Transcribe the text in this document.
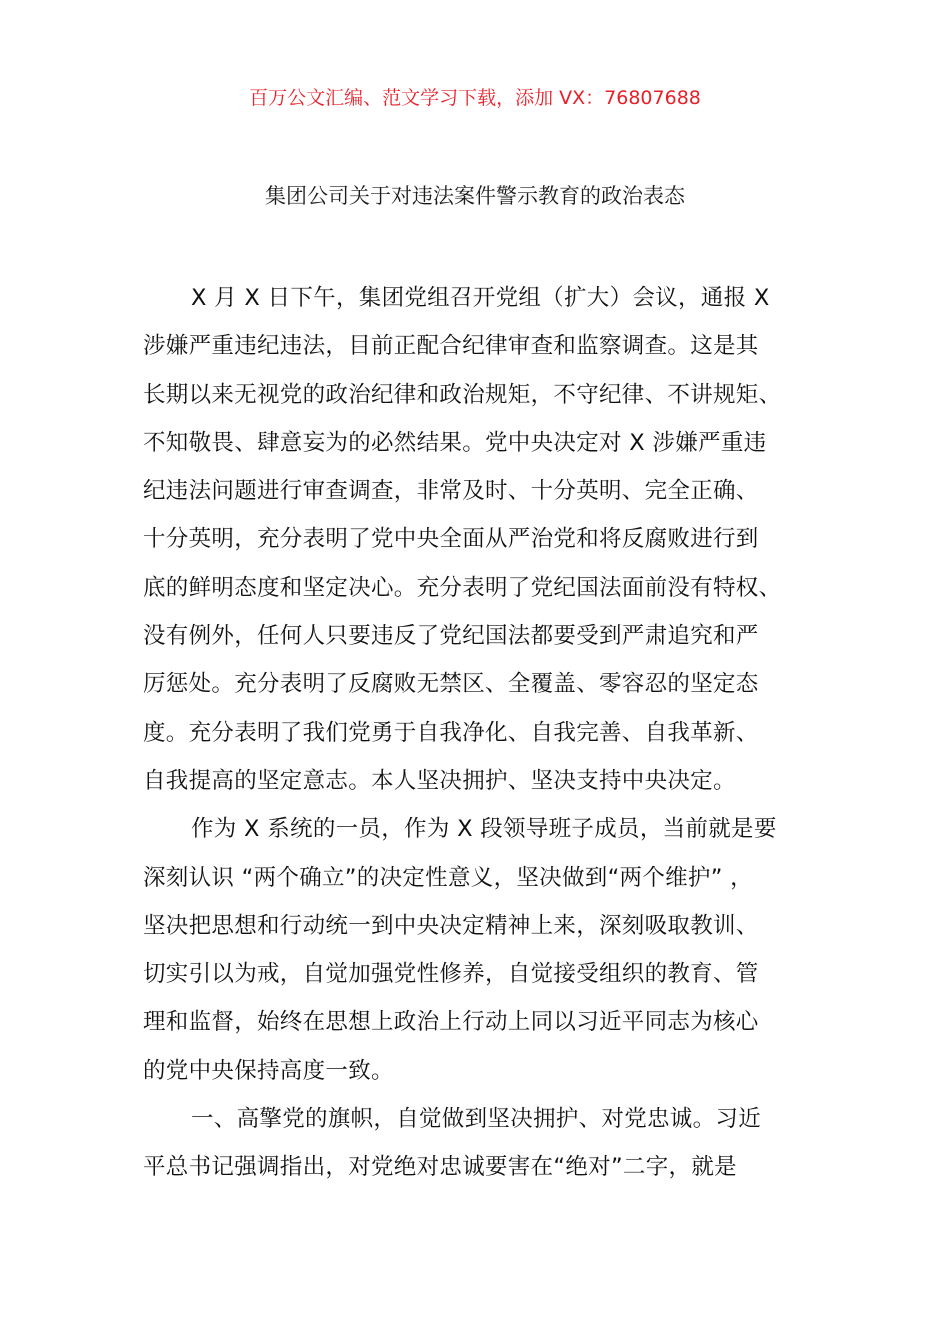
百万公文汇编、范文学习下载，添加 VX：76807688
集团公司关于对违法案件警示教育的政治表态
X 月 X 日下午，集团党组召开党组（扩大）会议，通报 X
涉嫌严重违纪违法，目前正配合纪律审查和监察调查。这是其
长期以来无视党的政治纪律和政治规矩，不守纪律、不讲规矩、
不知敬畏、肆意妄为的必然结果。党中央决定对 X 涉嫌严重违
纪违法问题进行审查调查，非常及时、十分英明、完全正确、
十分英明，充分表明了党中央全面从严治党和将反腐败进行到
底的鲜明态度和坚定决心。充分表明了党纪国法面前没有特权、
没有例外，任何人只要违反了党纪国法都要受到严肃追究和严
厉惩处。充分表明了反腐败无禁区、全覆盖、零容忍的坚定态
度。充分表明了我们党勇于自我净化、自我完善、自我革新、
自我提高的坚定意志。本人坚决拥护、坚决支持中央决定。
作为 X 系统的一员，作为 X 段领导班子成员，当前就是要
深刻认识 “两个确立”的决定性意义，坚决做到“两个维护” ，
坚决把思想和行动统一到中央决定精神上来，深刻吸取教训、
切实引以为戒，自觉加强党性修养，自觉接受组织的教育、管
理和监督，始终在思想上政治上行动上同以习近平同志为核心
的党中央保持高度一致。
一、高擎党的旗帜，自觉做到坚决拥护、对党忠诚。习近
平总书记强调指出，对党绝对忠诚要害在“绝对”二字，就是
